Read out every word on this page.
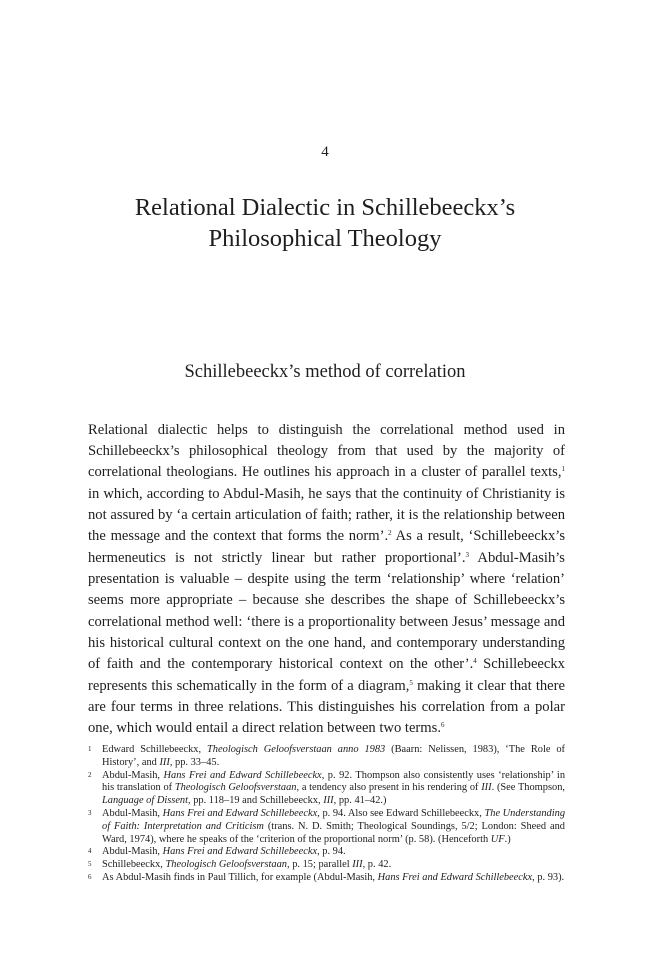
4
Relational Dialectic in Schillebeeckx’s
Philosophical Theology
Schillebeeckx’s method of correlation

Relational dialectic helps to distinguish the correlational method used in Schillebeeckx’s philosophical theology from that used by the majority of correlational theologians. He outlines his approach in a cluster of parallel texts,$^1$ in which, according to Abdul-Masih, he says that the continuity of Christianity is not assured by ‘a certain articulation of faith; rather, it is the relationship between the message and the context that forms the norm’.$^2$ As a result, ‘Schillebeeckx’s hermeneutics is not strictly linear but rather proportional’.$^3$ Abdul-Masih’s presentation is valuable – despite using the term ‘relationship’ where ‘relation’ seems more appropriate – because she describes the shape of Schillebeeckx’s correlational method well: ‘there is a proportionality between Jesus’ message and his historical cultural context on the one hand, and contemporary understanding of faith and the contemporary historical context on the other’.$^4$ Schillebeeckx represents this schematically in the form of a diagram,$^5$ making it clear that there are four terms in three relations. This distinguishes his correlation from a polar one, which would entail a direct relation between two terms.$^6$

1 Edward Schillebeeckx, Theologisch Geloofsverstaan anno 1983 (Baarn: Nelissen, 1983), ‘The Role of History’, and III, pp. 33–45.
2 Abdul-Masih, Hans Frei and Edward Schillebeeckx, p. 92. Thompson also consistently uses ‘relationship’ in his translation of Theologisch Geloofsverstaan, a tendency also present in his rendering of III. (See Thompson, Language of Dissent, pp. 118–19 and Schillebeeckx, III, pp. 41–42.)
3 Abdul-Masih, Hans Frei and Edward Schillebeeckx, p. 94. Also see Edward Schillebeeckx, The Understanding of Faith: Interpretation and Criticism (trans. N. D. Smith; Theological Soundings, 5/2; London: Sheed and Ward, 1974), where he speaks of the ‘criterion of the proportional norm’ (p. 58). (Henceforth UF.)
4 Abdul-Masih, Hans Frei and Edward Schillebeeckx, p. 94.
5 Schillebeeckx, Theologisch Geloofsverstaan, p. 15; parallel III, p. 42.
6 As Abdul-Masih finds in Paul Tillich, for example (Abdul-Masih, Hans Frei and Edward Schillebeeckx, p. 93).
